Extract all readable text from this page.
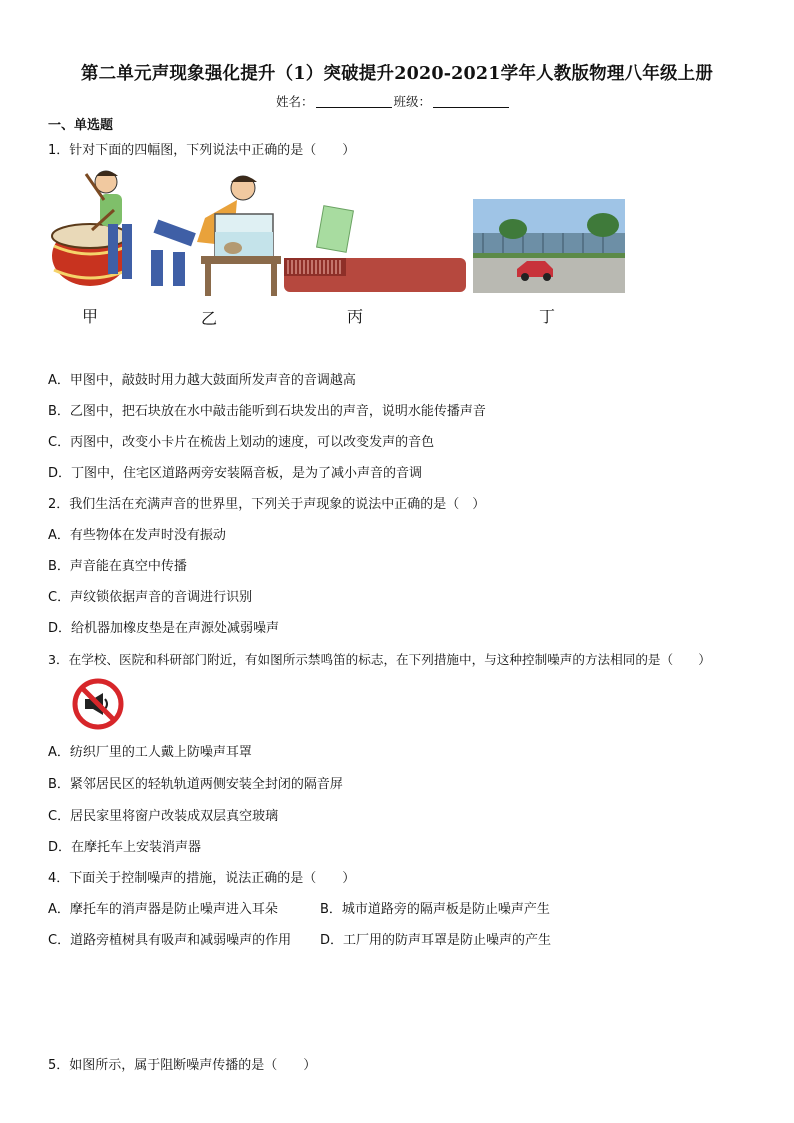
第二单元声现象强化提升（1）突破提升2020-2021学年人教版物理八年级上册
姓名：	班级：
一、单选题
1．针对下面的四幅图，下列说法中正确的是（　　）
甲	乙	丙	丁
A．甲图中，敲鼓时用力越大鼓面所发声音的音调越高
B．乙图中，把石块放在水中敲击能听到石块发出的声音，说明水能传播声音
C．丙图中，改变小卡片在梳齿上划动的速度，可以改变发声的音色
D．丁图中，住宅区道路两旁安装隔音板，是为了减小声音的音调
2．我们生活在充满声音的世界里，下列关于声现象的说法中正确的是（　）
A．有些物体在发声时没有振动
B．声音能在真空中传播
C．声纹锁依据声音的音调进行识别
D．给机器加橡皮垫是在声源处减弱噪声
3．在学校、医院和科研部门附近，有如图所示禁鸣笛的标志，在下列措施中，与这种控制噪声的方法相同的是（　　）
A．纺织厂里的工人戴上防噪声耳罩
B．紧邻居民区的轻轨轨道两侧安装全封闭的隔音屏
C．居民家里将窗户改装成双层真空玻璃
D．在摩托车上安装消声器
4．下面关于控制噪声的措施，说法正确的是（　　）
A．摩托车的消声器是防止噪声进入耳朵	B．城市道路旁的隔声板是防止噪声产生
C．道路旁植树具有吸声和减弱噪声的作用 D．工厂用的防声耳罩是防止噪声的产生
5．如图所示，属于阻断噪声传播的是（　　）
